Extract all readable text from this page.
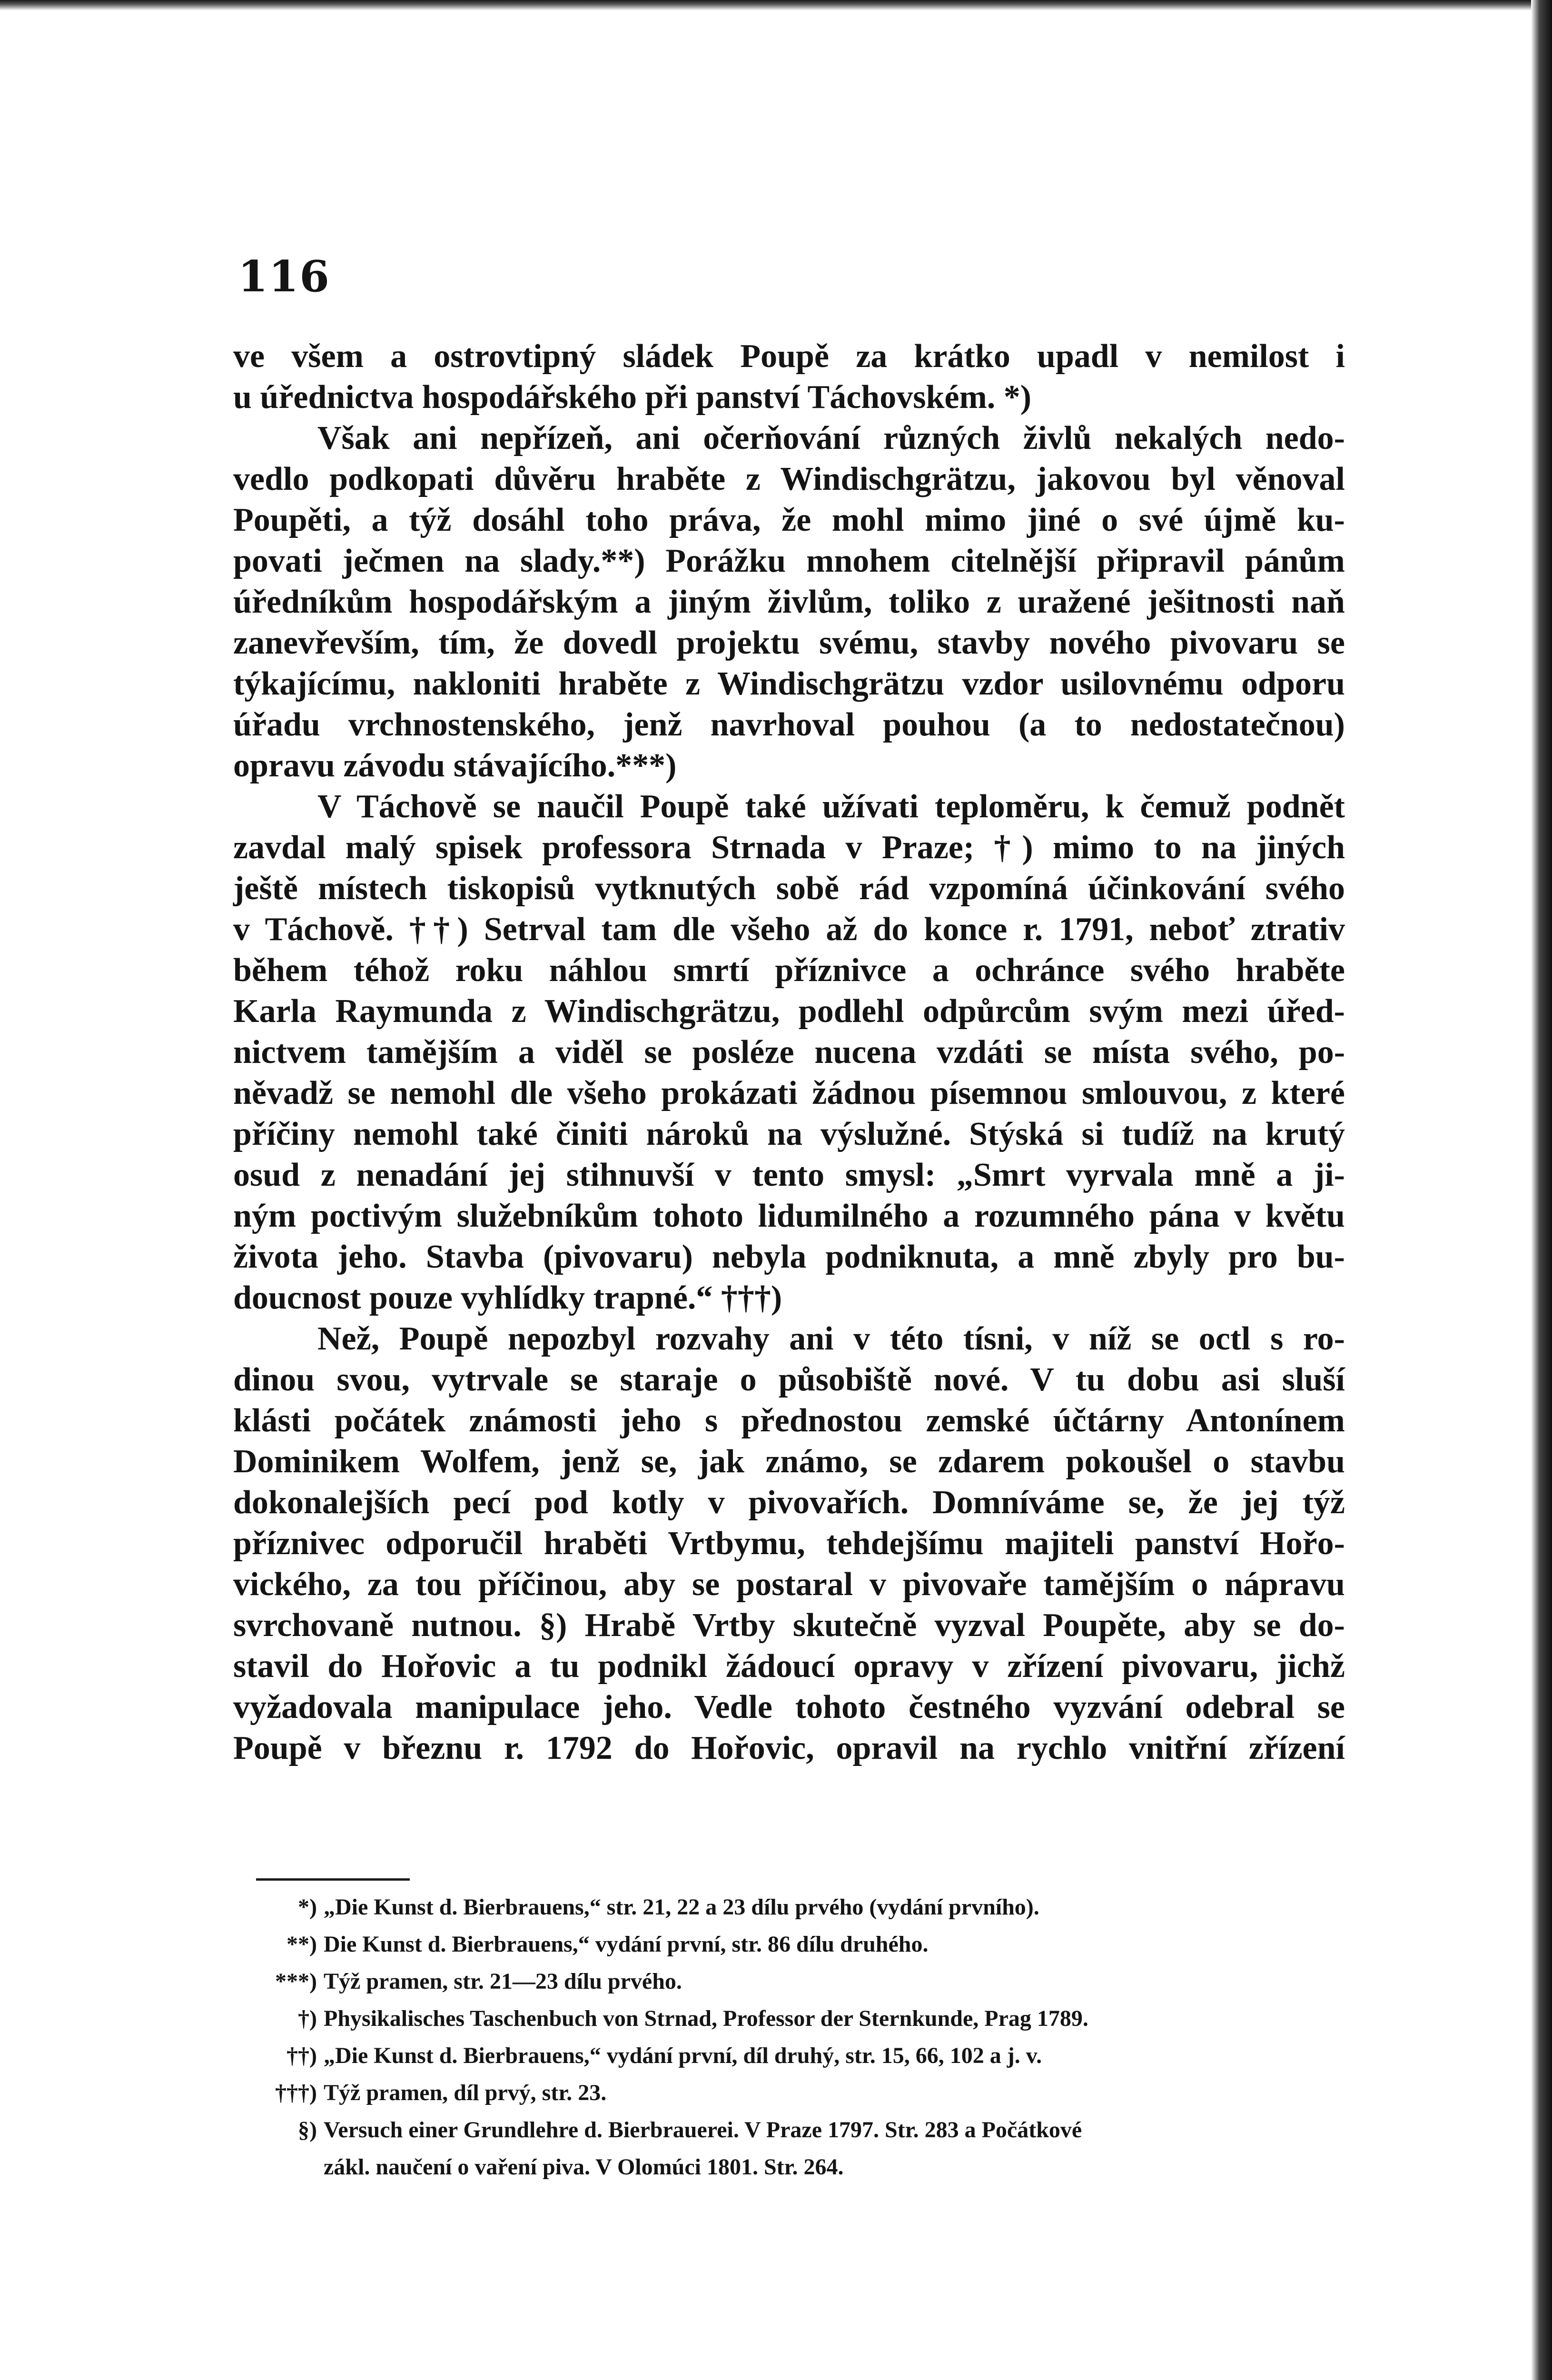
116
ve všem a ostrovtipný sládek Poupě za krátko upadl v nemilost i
u úřednictva hospodářského při panství Táchovském. *)
Však ani nepřízeň, ani očerňování různých živlů nekalých nedo-
vedlo podkopati důvěru hraběte z Windischgrätzu, jakovou byl věnoval
Poupěti, a týž dosáhl toho práva, že mohl mimo jiné o své újmě ku-
povati ječmen na slady.**) Porážku mnohem citelnější připravil pánům
úředníkům hospodářským a jiným živlům, toliko z uražené ješitnosti naň
zanevřevším, tím, že dovedl projektu svému, stavby nového pivovaru se
týkajícímu, nakloniti hraběte z Windischgrätzu vzdor usilovnému odporu
úřadu vrchnostenského, jenž navrhoval pouhou (a to nedostatečnou)
opravu závodu stávajícího.***)
V Táchově se naučil Poupě také užívati teploměru, k čemuž podnět
zavdal malý spisek professora Strnada v Praze; †) mimo to na jiných
ještě místech tiskopisů vytknutých sobě rád vzpomíná účinkování svého
v Táchově. ††) Setrval tam dle všeho až do konce r. 1791, neboť ztrativ
během téhož roku náhlou smrtí příznivce a ochránce svého hraběte
Karla Raymunda z Windischgrätzu, podlehl odpůrcům svým mezi úřed-
nictvem tamějším a viděl se posléze nucena vzdáti se místa svého, po-
něvadž se nemohl dle všeho prokázati žádnou písemnou smlouvou, z které
příčiny nemohl také činiti nároků na výslužné. Stýská si tudíž na krutý
osud z nenadání jej stihnuvší v tento smysl: „Smrt vyrvala mně a ji-
ným poctivým služebníkům tohoto lidumilného a rozumného pána v květu
života jeho. Stavba (pivovaru) nebyla podniknuta, a mně zbyly pro bu-
doucnost pouze vyhlídky trapné.“ †††)
Než, Poupě nepozbyl rozvahy ani v této tísni, v níž se octl s ro-
dinou svou, vytrvale se staraje o působiště nové. V tu dobu asi sluší
klásti počátek známosti jeho s přednostou zemské účtárny Antonínem
Dominikem Wolfem, jenž se, jak známo, se zdarem pokoušel o stavbu
dokonalejších pecí pod kotly v pivovařích. Domníváme se, že jej týž
příznivec odporučil hraběti Vrtbymu, tehdejšímu majiteli panství Hořo-
vického, za tou příčinou, aby se postaral v pivovaře tamějším o nápravu
svrchovaně nutnou. §) Hrabě Vrtby skutečně vyzval Poupěte, aby se do-
stavil do Hořovic a tu podnikl žádoucí opravy v zřízení pivovaru, jichž
vyžadovala manipulace jeho. Vedle tohoto čestného vyzvání odebral se
Poupě v březnu r. 1792 do Hořovic, opravil na rychlo vnitřní zřízení
*) „Die Kunst d. Bierbrauens,“ str. 21, 22 a 23 dílu prvého (vydání prvního).
**) Die Kunst d. Bierbrauens,“ vydání první, str. 86 dílu druhého.
***) Týž pramen, str. 21—23 dílu prvého.
†) Physikalisches Taschenbuch von Strnad, Professor der Sternkunde, Prag 1789.
††) „Die Kunst d. Bierbrauens,“ vydání první, díl druhý, str. 15, 66, 102 a j. v.
†††) Týž pramen, díl prvý, str. 23.
§) Versuch einer Grundlehre d. Bierbrauerei. V Praze 1797. Str. 283 a Počátkové
zákl. naučení o vaření piva. V Olomúci 1801. Str. 264.
